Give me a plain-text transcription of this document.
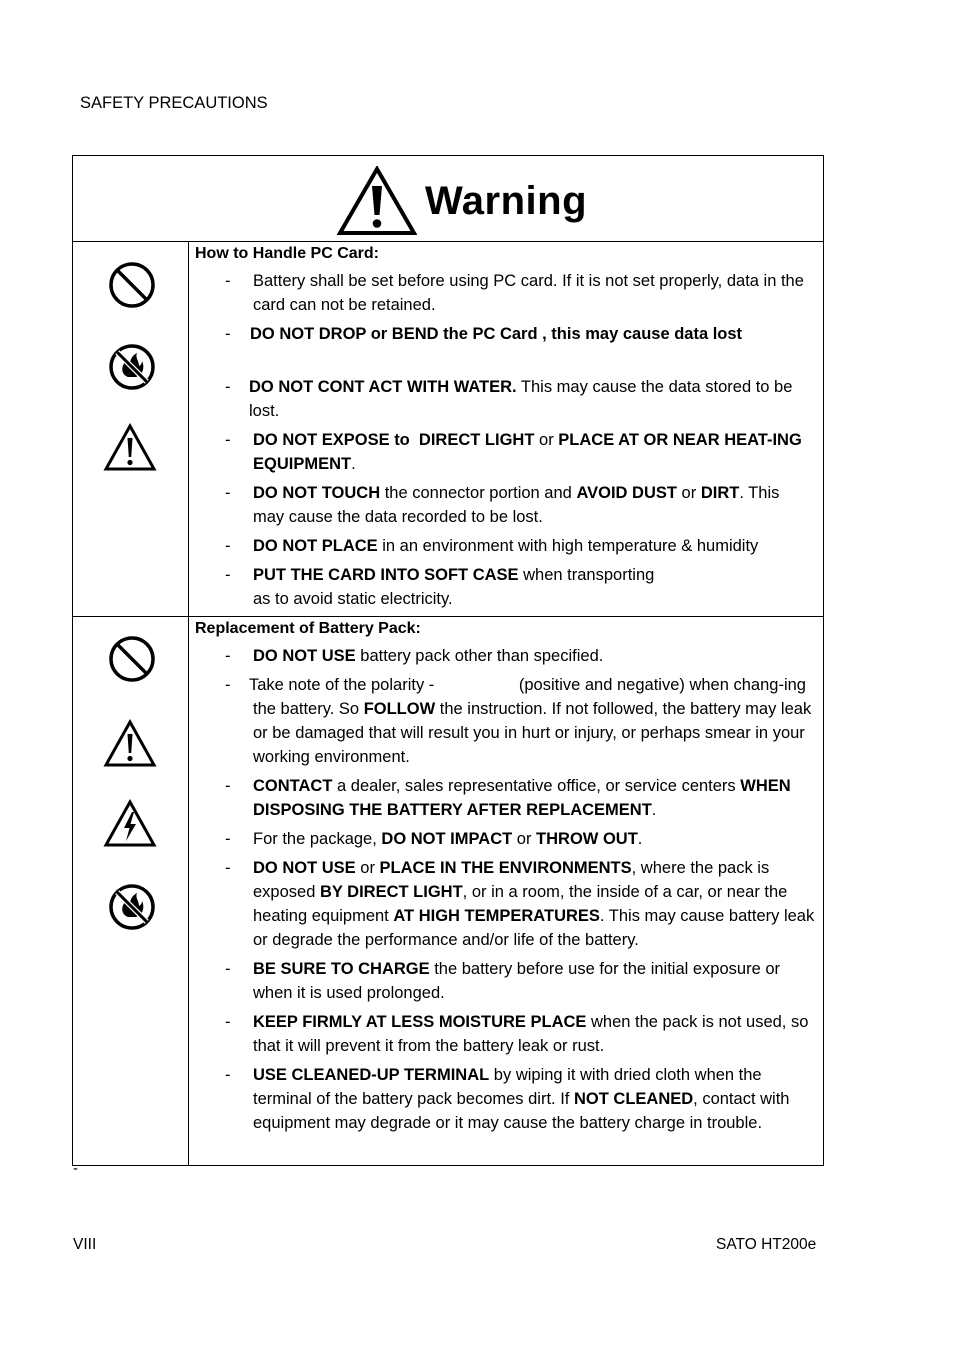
SAFETY PRECAUTIONS
Warning
How to Handle PC Card:
- Battery shall be set before using PC card. If it is not set properly, data in the card can not be retained.
- DO NOT DROP or BEND the PC Card , this may cause data lost
- DO NOT CONT ACT WITH WATER. This may cause the data stored to be lost.
- DO NOT EXPOSE to  DIRECT LIGHT or PLACE AT OR NEAR HEAT-ING EQUIPMENT.
- DO NOT TOUCH the connector portion and AVOID DUST or DIRT. This may cause the data recorded to be lost.
- DO NOT PLACE in an environment with high temperature & humidity
- PUT THE CARD INTO SOFT CASE when transporting
as to avoid static electricity.
Replacement of Battery Pack:
- DO NOT USE battery pack other than specified.
- Take note of the polarity -	(positive and negative) when chang-ing the battery. So FOLLOW the instruction. If not followed, the battery may leak or be damaged that will result you in hurt or injury, or perhaps smear in your working environment.
- CONTACT a dealer, sales representative office, or service centers WHEN DISPOSING THE BATTERY AFTER REPLACEMENT.
- For the package, DO NOT IMPACT or THROW OUT.
- DO NOT USE or PLACE IN THE ENVIRONMENTS, where the pack is exposed BY DIRECT LIGHT, or in a room, the inside of a car, or near the heating equipment AT HIGH TEMPERATURES. This may cause battery leak or degrade the performance and/or life of the battery.
- BE SURE TO CHARGE the battery before use for the initial exposure or when it is used prolonged.
- KEEP FIRMLY AT LESS MOISTURE PLACE when the pack is not used, so that it will prevent it from the battery leak or rust.
- USE CLEANED-UP TERMINAL by wiping it with dried cloth when the terminal of the battery pack becomes dirt. If NOT CLEANED, contact with equipment may degrade or it may cause the battery charge in trouble.
-
VIII	SATO HT200e
